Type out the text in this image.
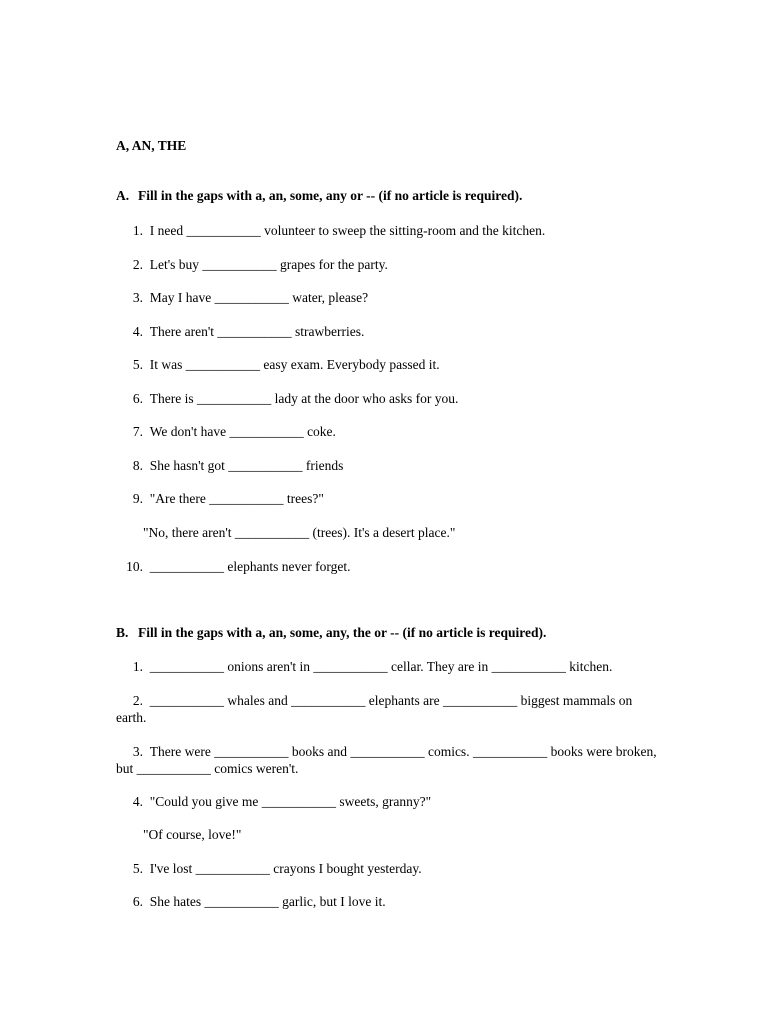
A, AN, THE
A. Fill in the gaps with a, an, some, any or -- (if no article is required).
1. I need ___________ volunteer to sweep the sitting-room and the kitchen.
2. Let's buy ___________ grapes for the party.
3. May I have ___________ water, please?
4. There aren't ___________ strawberries.
5. It was ___________ easy exam. Everybody passed it.
6. There is ___________ lady at the door who asks for you.
7. We don't have ___________ coke.
8. She hasn't got ___________ friends
9. "Are there ___________ trees?"
"No, there aren't ___________ (trees). It's a desert place."
10. ___________ elephants never forget.
B. Fill in the gaps with a, an, some, any, the or -- (if no article is required).
1. ___________ onions aren't in ___________ cellar. They are in ___________ kitchen.
2. ___________ whales and ___________ elephants are ___________ biggest mammals on earth.
3. There were ___________ books and ___________ comics. ___________ books were broken, but ___________ comics weren't.
4. "Could you give me ___________ sweets, granny?"
"Of course, love!"
5. I've lost ___________ crayons I bought yesterday.
6. She hates ___________ garlic, but I love it.
